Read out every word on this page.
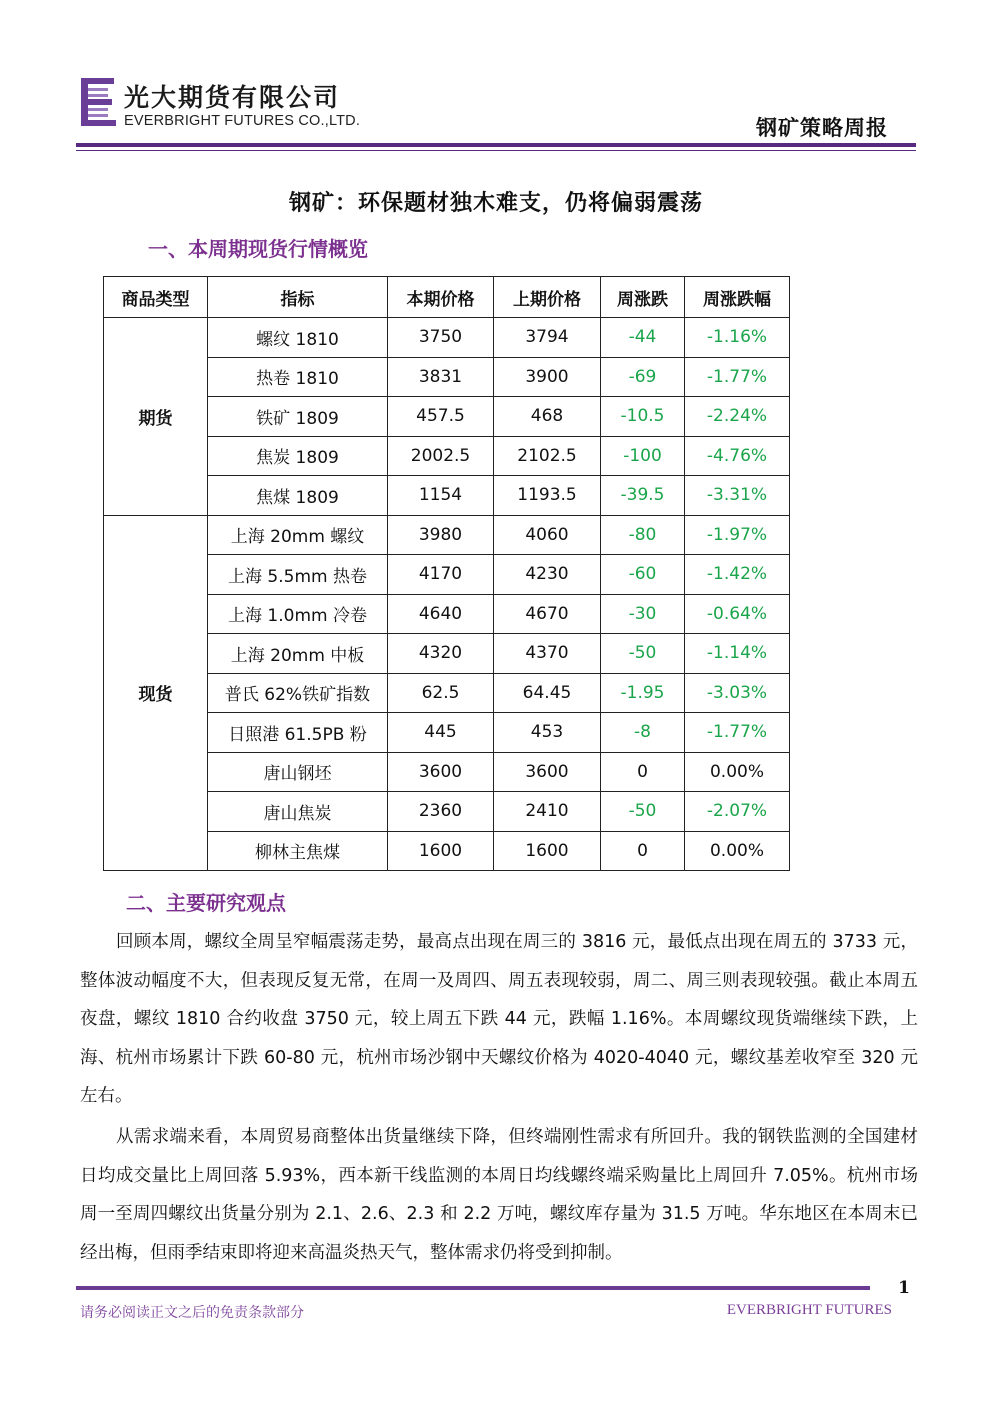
光大期货有限公司
EVERBRIGHT FUTURES CO.,LTD.	钢矿策略周报
钢矿：环保题材独木难支，仍将偏弱震荡
一、本周期现货行情概览
商品类型	指标	本期价格	上期价格	周涨跌	周涨跌幅
期货	螺纹 1810	3750	3794	-44	-1.16%
	热卷 1810	3831	3900	-69	-1.77%
	铁矿 1809	457.5	468	-10.5	-2.24%
	焦炭 1809	2002.5	2102.5	-100	-4.76%
	焦煤 1809	1154	1193.5	-39.5	-3.31%
现货	上海 20mm 螺纹	3980	4060	-80	-1.97%
	上海 5.5mm 热卷	4170	4230	-60	-1.42%
	上海 1.0mm 冷卷	4640	4670	-30	-0.64%
	上海 20mm 中板	4320	4370	-50	-1.14%
	普氏 62%铁矿指数	62.5	64.45	-1.95	-3.03%
	日照港 61.5PB 粉	445	453	-8	-1.77%
	唐山钢坯	3600	3600	0	0.00%
	唐山焦炭	2360	2410	-50	-2.07%
	柳林主焦煤	1600	1600	0	0.00%
二、主要研究观点
回顾本周，螺纹全周呈窄幅震荡走势，最高点出现在周三的 3816 元，最低点出现在周五的 3733 元，整体波动幅度不大，但表现反复无常，在周一及周四、周五表现较弱，周二、周三则表现较强。截止本周五夜盘，螺纹 1810 合约收盘 3750 元，较上周五下跌 44 元，跌幅 1.16%。本周螺纹现货端继续下跌，上海、杭州市场累计下跌 60-80 元，杭州市场沙钢中天螺纹价格为 4020-4040 元，螺纹基差收窄至 320 元左右。
从需求端来看，本周贸易商整体出货量继续下降，但终端刚性需求有所回升。我的钢铁监测的全国建材日均成交量比上周回落 5.93%，西本新干线监测的本周日均线螺终端采购量比上周回升 7.05%。杭州市场周一至周四螺纹出货量分别为 2.1、2.6、2.3 和 2.2 万吨，螺纹库存量为 31.5 万吨。华东地区在本周末已经出梅，但雨季结束即将迎来高温炎热天气，整体需求仍将受到抑制。
1
请务必阅读正文之后的免责条款部分	EVERBRIGHT FUTURES
